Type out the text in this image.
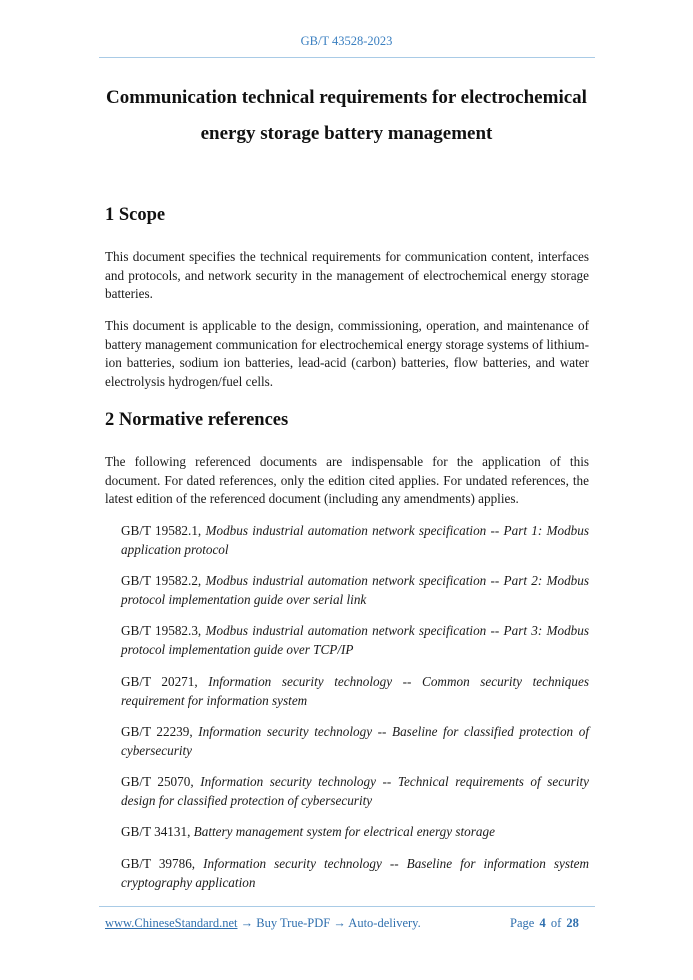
GB/T 43528-2023
Communication technical requirements for electrochemical
energy storage battery management
1 Scope

This document specifies the technical requirements for communication content, interfaces and protocols, and network security in the management of electrochemical energy storage batteries.

This document is applicable to the design, commissioning, operation, and maintenance of battery management communication for electrochemical energy storage systems of lithium-ion batteries, sodium ion batteries, lead-acid (carbon) batteries, flow batteries, and water electrolysis hydrogen/fuel cells.

2 Normative references

The following referenced documents are indispensable for the application of this document. For dated references, only the edition cited applies. For undated references, the latest edition of the referenced document (including any amendments) applies.

GB/T 19582.1, Modbus industrial automation network specification -- Part 1: Modbus application protocol

GB/T 19582.2, Modbus industrial automation network specification -- Part 2: Modbus protocol implementation guide over serial link

GB/T 19582.3, Modbus industrial automation network specification -- Part 3: Modbus protocol implementation guide over TCP/IP

GB/T 20271, Information security technology -- Common security techniques requirement for information system

GB/T 22239, Information security technology -- Baseline for classified protection of cybersecurity

GB/T 25070, Information security technology -- Technical requirements of security design for classified protection of cybersecurity

GB/T 34131, Battery management system for electrical energy storage

GB/T 39786, Information security technology -- Baseline for information system cryptography application

www.ChineseStandard.net → Buy True-PDF → Auto-delivery.	Page 4 of 28
